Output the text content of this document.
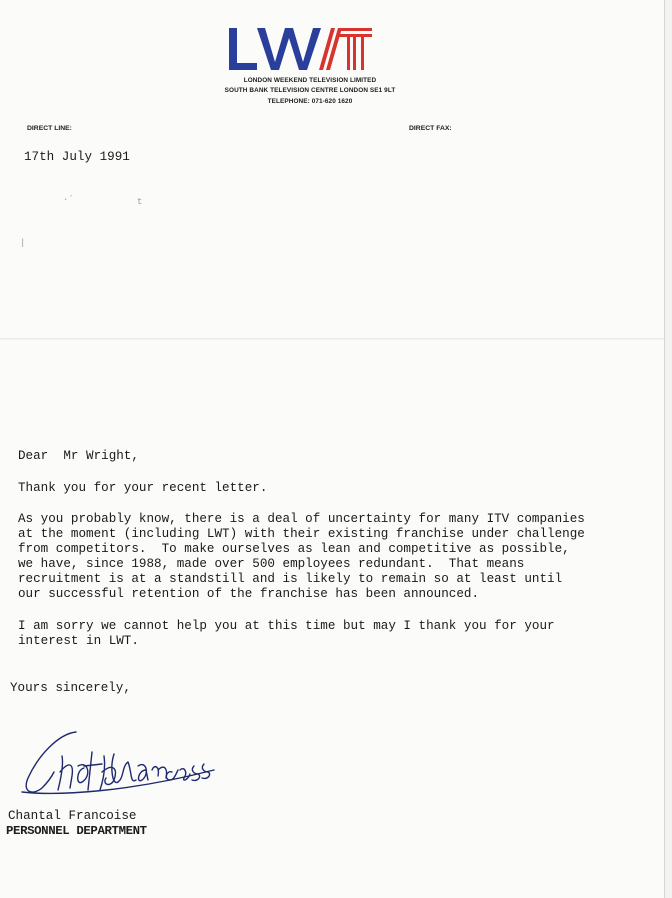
LONDON WEEKEND TELEVISION LIMITED
SOUTH BANK TELEVISION CENTRE LONDON SE1 9LT
TELEPHONE: 071-620 1620
DIRECT LINE:	DIRECT FAX:
17th July 1991
·´	t
|
Dear  Mr Wright,
Thank you for your recent letter.
As you probably know, there is a deal of uncertainty for many ITV companies
at the moment (including LWT) with their existing franchise under challenge
from competitors.  To make ourselves as lean and competitive as possible,
we have, since 1988, made over 500 employees redundant.  That means
recruitment is at a standstill and is likely to remain so at least until
our successful retention of the franchise has been announced.
I am sorry we cannot help you at this time but may I thank you for your
interest in LWT.
Yours sincerely,
Chantal Francoise
PERSONNEL DEPARTMENT
